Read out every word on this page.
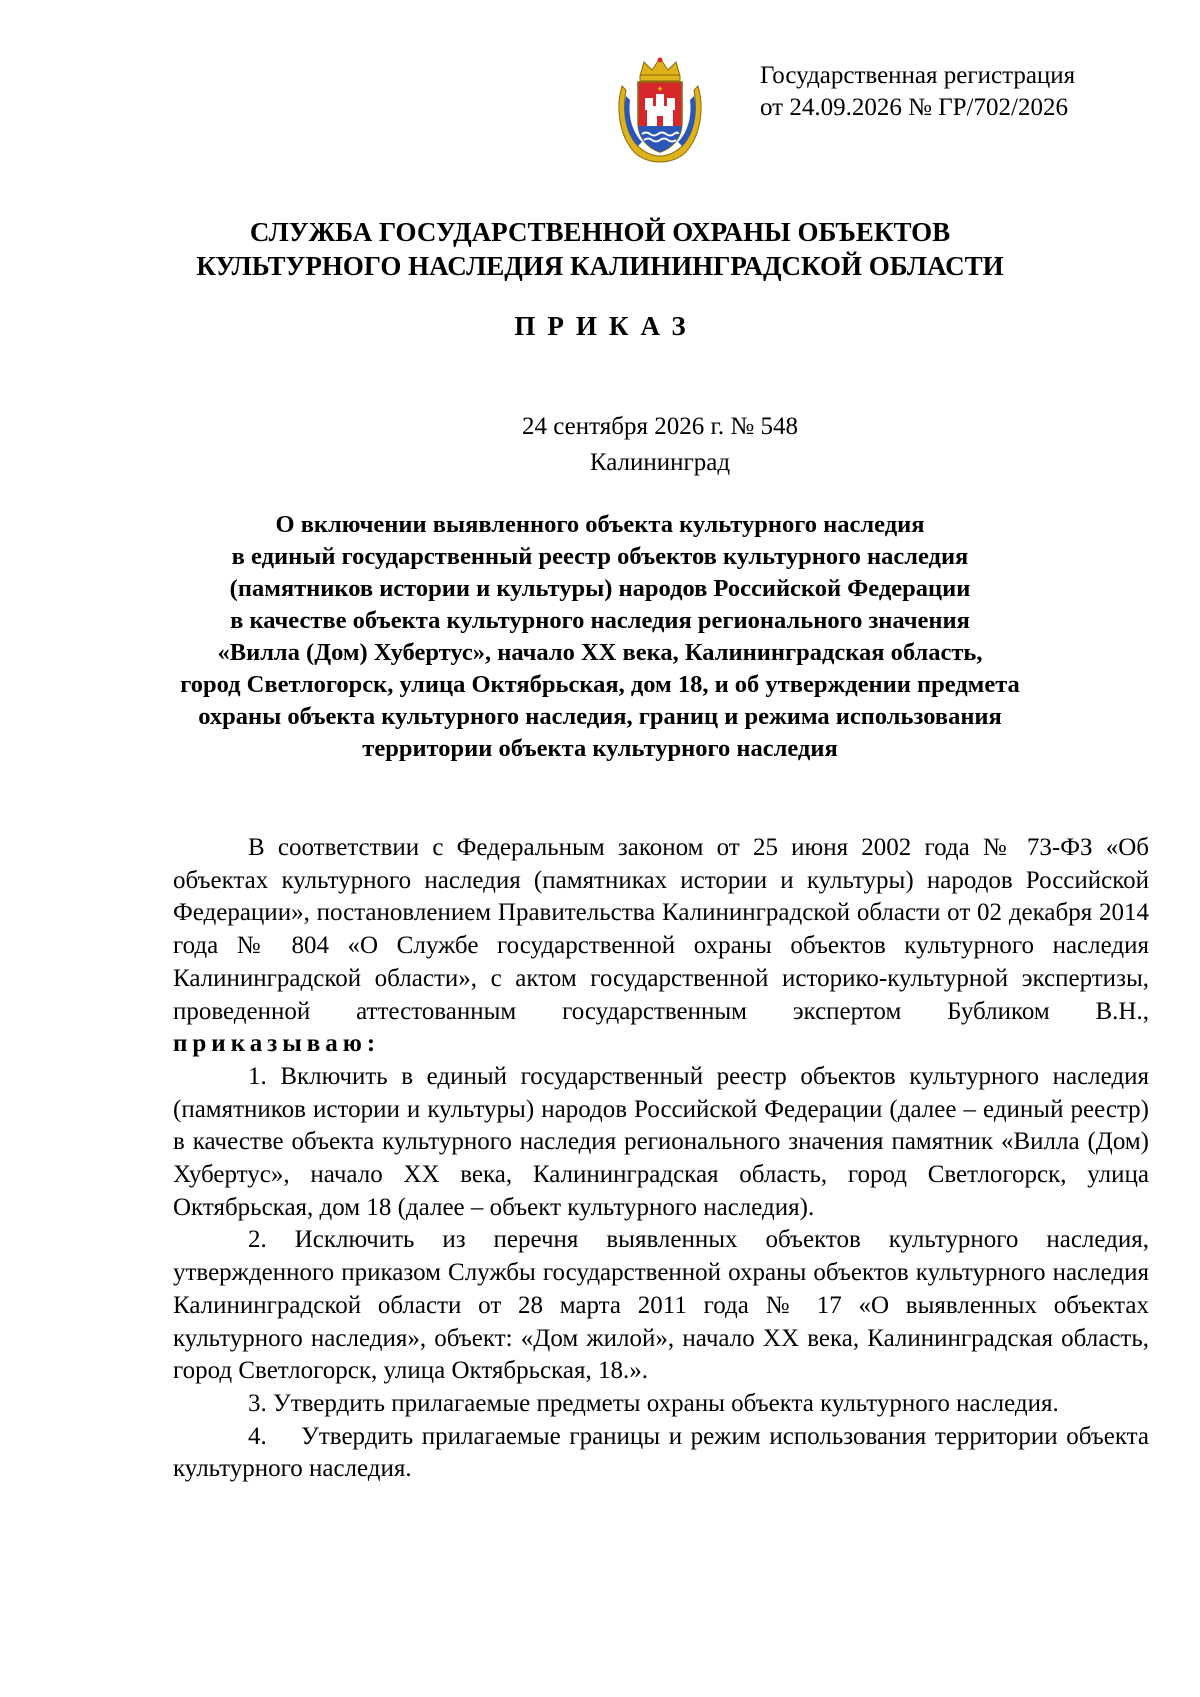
✦
Государственная регистрация
от 24.09.2026 № ГР/702/2026
СЛУЖБА ГОСУДАРСТВЕННОЙ ОХРАНЫ ОБЪЕКТОВ
КУЛЬТУРНОГО НАСЛЕДИЯ КАЛИНИНГРАДСКОЙ ОБЛАСТИ
ПРИКАЗ
24 сентября 2026 г. № 548
Калининград
О включении выявленного объекта культурного наследия
в единый государственный реестр объектов культурного наследия
(памятников истории и культуры) народов Российской Федерации
в качестве объекта культурного наследия регионального значения
«Вилла (Дом) Хубертус», начало XX века, Калининградская область,
город Светлогорск, улица Октябрьская, дом 18, и об утверждении предмета
охраны объекта культурного наследия, границ и режима использования
территории объекта культурного наследия

В соответствии с Федеральным законом от 25 июня 2002 года № 73-ФЗ «Об объектах культурного наследия (памятниках истории и культуры) народов Российской Федерации», постановлением Правительства Калининградской области от 02 декабря 2014 года № 804 «О Службе государственной охраны объектов культурного наследия Калининградской области», с актом государственной историко-культурной экспертизы, проведенной аттестованным государственным экспертом Бубликом В.Н., приказываю:

1. Включить в единый государственный реестр объектов культурного наследия (памятников истории и культуры) народов Российской Федерации (далее – единый реестр) в качестве объекта культурного наследия регионального значения памятник «Вилла (Дом) Хубертус», начало XX века, Калининградская область, город Светлогорск, улица Октябрьская, дом 18 (далее – объект культурного наследия).

2. Исключить из перечня выявленных объектов культурного наследия, утвержденного приказом Службы государственной охраны объектов культурного наследия Калининградской области от 28 марта 2011 года № 17 «О выявленных объектах культурного наследия», объект: «Дом жилой», начало XX века, Калининградская область, город Светлогорск, улица Октябрьская, 18.».

3. Утвердить прилагаемые предметы охраны объекта культурного наследия.

4. Утвердить прилагаемые границы и режим использования территории объекта культурного наследия.
